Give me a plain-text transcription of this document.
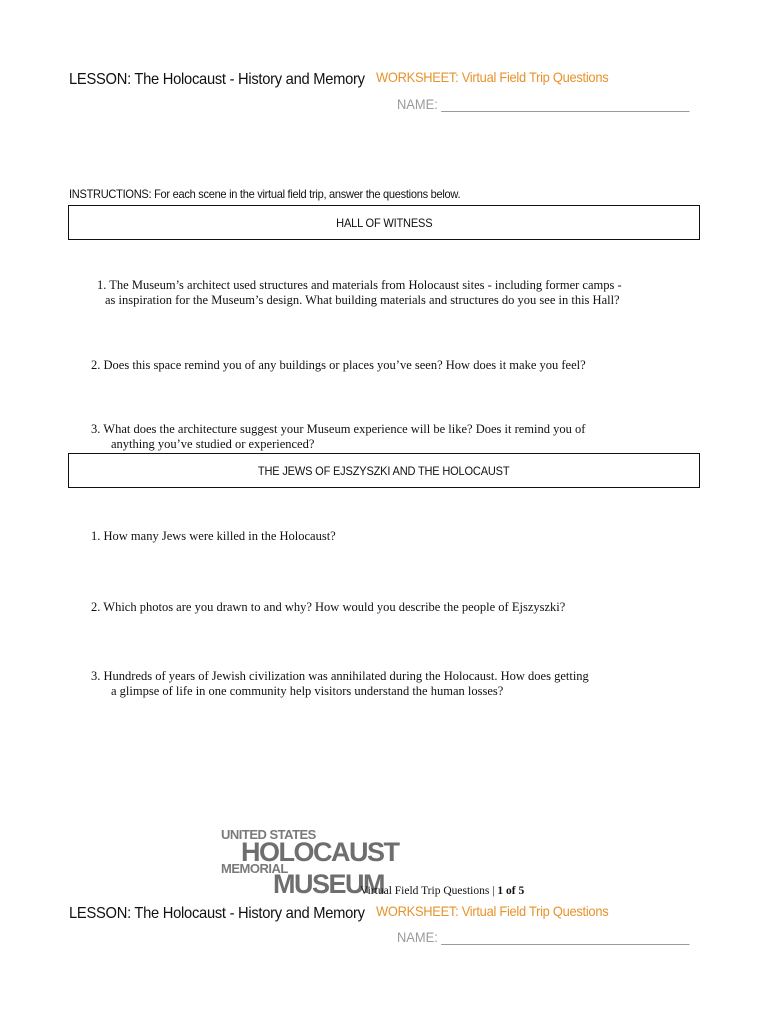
LESSON: The Holocaust - History and Memory WORKSHEET: Virtual Field Trip Questions
NAME:
INSTRUCTIONS: For each scene in the virtual field trip, answer the questions below.
HALL OF WITNESS
1. The Museum’s architect used structures and materials from Holocaust sites - including former camps -
as inspiration for the Museum’s design. What building materials and structures do you see in this Hall?
2. Does this space remind you of any buildings or places you’ve seen? How does it make you feel?
3. What does the architecture suggest your Museum experience will be like? Does it remind you of
anything you’ve studied or experienced?
THE JEWS OF EJSZYSZKI AND THE HOLOCAUST
1. How many Jews were killed in the Holocaust?
2. Which photos are you drawn to and why? How would you describe the people of Ejszyszki?
3. Hundreds of years of Jewish civilization was annihilated during the Holocaust. How does getting
a glimpse of life in one community help visitors understand the human losses?
UNITED STATES
HOLOCAUST
MEMORIAL
MUSEUM
Virtual Field Trip Questions | 1 of 5
LESSON: The Holocaust - History and Memory WORKSHEET: Virtual Field Trip Questions
NAME:
